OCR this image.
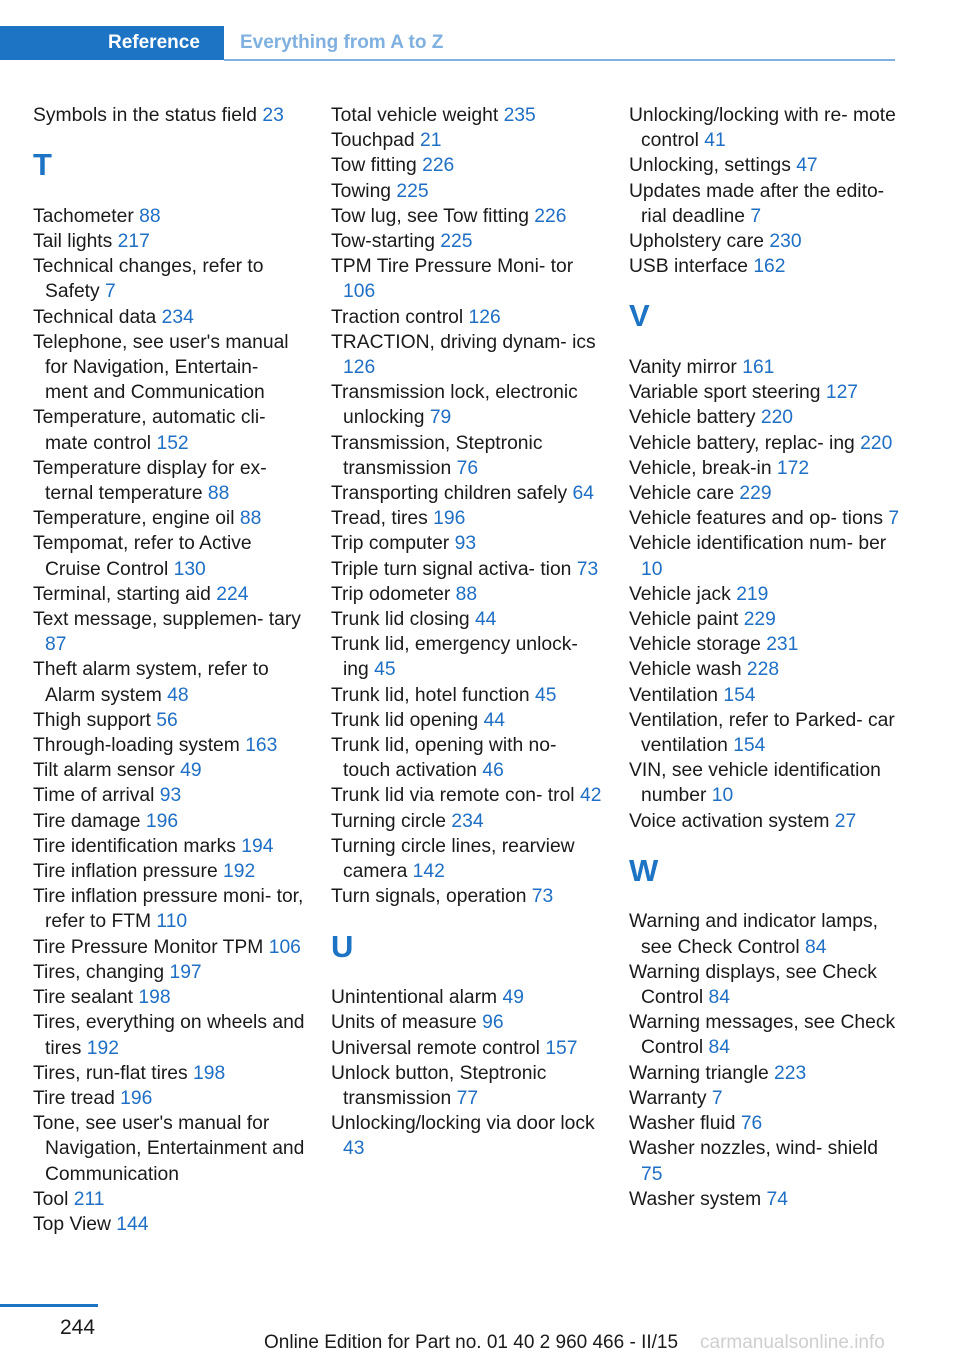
Reference	Everything from A to Z
Symbols in the status field 23
T
Tachometer 88
Tail lights 217
Technical changes, refer to Safety 7
Technical data 234
Telephone, see user's manual for Navigation, Entertain- ment and Communication
Temperature, automatic cli- mate control 152
Temperature display for ex- ternal temperature 88
Temperature, engine oil 88
Tempomat, refer to Active Cruise Control 130
Terminal, starting aid 224
Text message, supplemen- tary 87
Theft alarm system, refer to Alarm system 48
Thigh support 56
Through-loading system 163
Tilt alarm sensor 49
Time of arrival 93
Tire damage 196
Tire identification marks 194
Tire inflation pressure 192
Tire inflation pressure moni- tor, refer to FTM 110
Tire Pressure Monitor TPM 106
Tires, changing 197
Tire sealant 198
Tires, everything on wheels and tires 192
Tires, run-flat tires 198
Tire tread 196
Tone, see user's manual for Navigation, Entertainment and Communication
Tool 211
Top View 144
Total vehicle weight 235
Touchpad 21
Tow fitting 226
Towing 225
Tow lug, see Tow fitting 226
Tow-starting 225
TPM Tire Pressure Moni- tor 106
Traction control 126
TRACTION, driving dynam- ics 126
Transmission lock, electronic unlocking 79
Transmission, Steptronic transmission 76
Transporting children safely 64
Tread, tires 196
Trip computer 93
Triple turn signal activa- tion 73
Trip odometer 88
Trunk lid closing 44
Trunk lid, emergency unlock- ing 45
Trunk lid, hotel function 45
Trunk lid opening 44
Trunk lid, opening with no- touch activation 46
Trunk lid via remote con- trol 42
Turning circle 234
Turning circle lines, rearview camera 142
Turn signals, operation 73
U
Unintentional alarm 49
Units of measure 96
Universal remote control 157
Unlock button, Steptronic transmission 77
Unlocking/locking via door lock 43
Unlocking/locking with re- mote control 41
Unlocking, settings 47
Updates made after the edito- rial deadline 7
Upholstery care 230
USB interface 162
V
Vanity mirror 161
Variable sport steering 127
Vehicle battery 220
Vehicle battery, replac- ing 220
Vehicle, break-in 172
Vehicle care 229
Vehicle features and op- tions 7
Vehicle identification num- ber 10
Vehicle jack 219
Vehicle paint 229
Vehicle storage 231
Vehicle wash 228
Ventilation 154
Ventilation, refer to Parked- car ventilation 154
VIN, see vehicle identification number 10
Voice activation system 27
W
Warning and indicator lamps, see Check Control 84
Warning displays, see Check Control 84
Warning messages, see Check Control 84
Warning triangle 223
Warranty 7
Washer fluid 76
Washer nozzles, wind- shield 75
Washer system 74
244
Online Edition for Part no. 01 40 2 960 466 - II/15 carmanualsonline.info
